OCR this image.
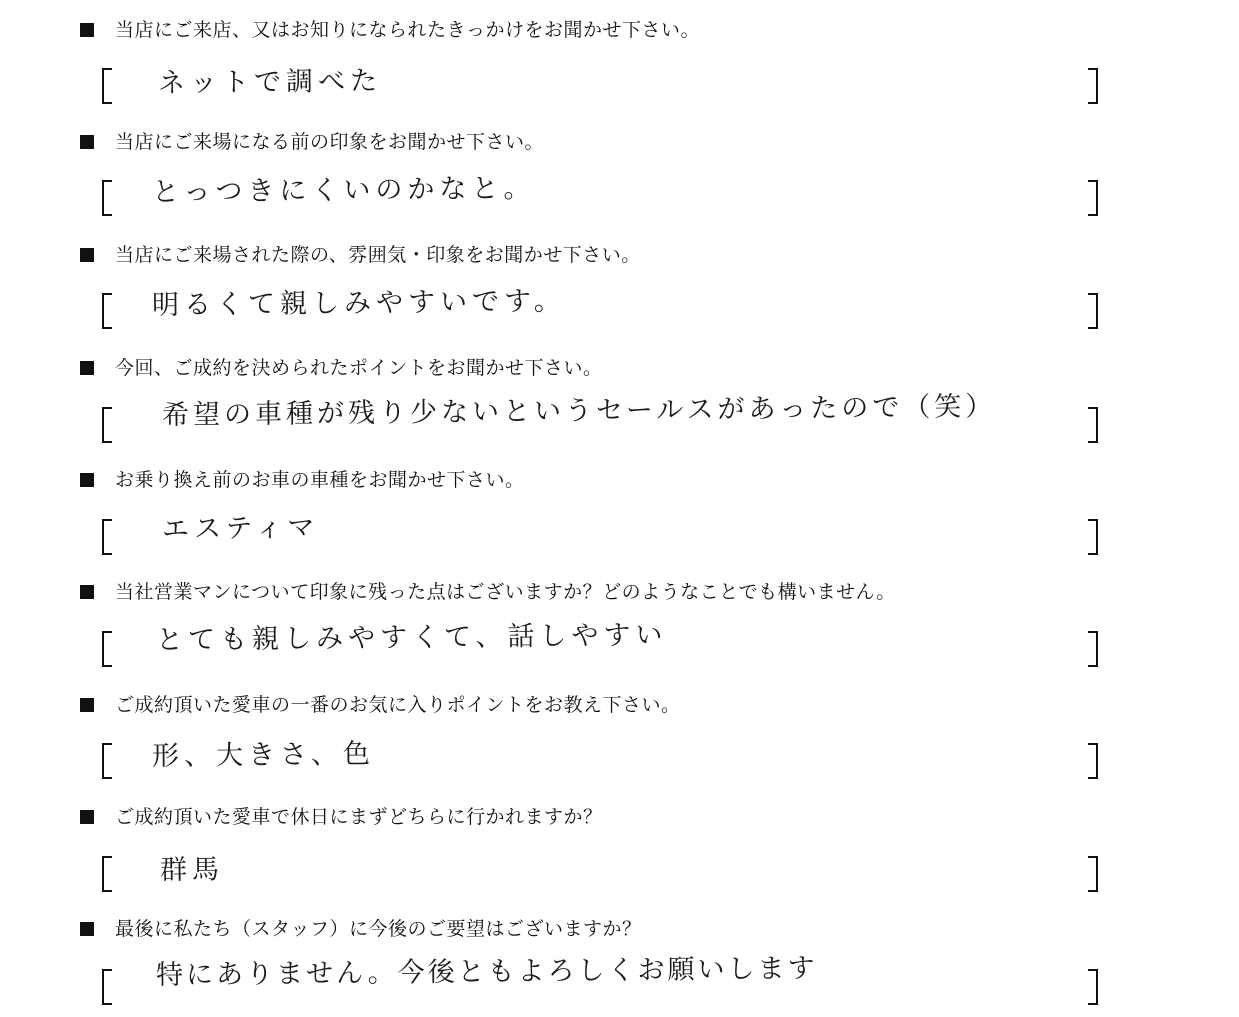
当店にご来店、又はお知りになられたきっかけをお聞かせ下さい。
ネットで調べた
当店にご来場になる前の印象をお聞かせ下さい。
とっつきにくいのかなと。
当店にご来場された際の、雰囲気・印象をお聞かせ下さい。
明るくて親しみやすいです。
今回、ご成約を決められたポイントをお聞かせ下さい。
希望の車種が残り少ないというセールスがあったので（笑）
お乗り換え前のお車の車種をお聞かせ下さい。
エスティマ
当社営業マンについて印象に残った点はございますか？どのようなことでも構いません。
とても親しみやすくて、話しやすい
ご成約頂いた愛車の一番のお気に入りポイントをお教え下さい。
形、大きさ、色
ご成約頂いた愛車で休日にまずどちらに行かれますか？
群馬
最後に私たち（スタッフ）に今後のご要望はございますか？
特にありません。今後ともよろしくお願いします
